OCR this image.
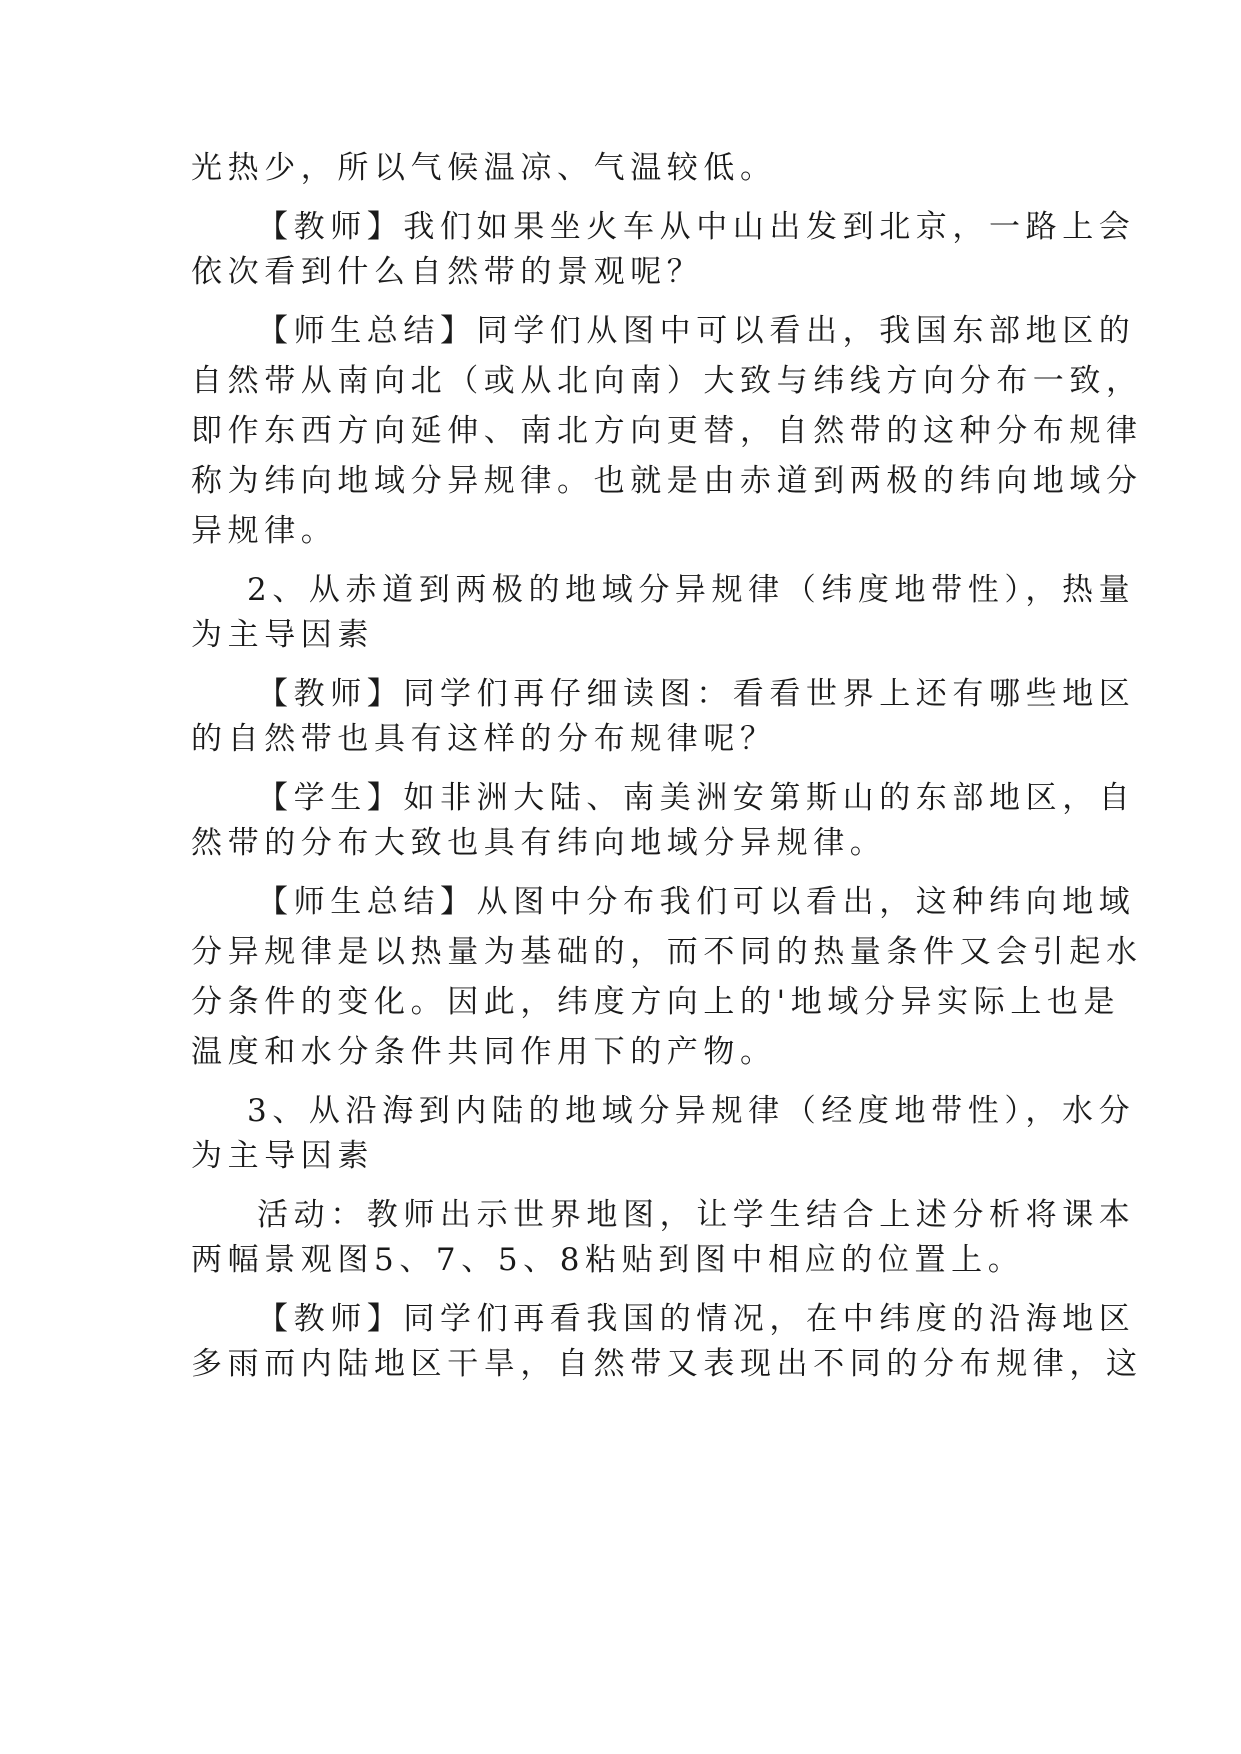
光热少，所以气候温凉、气温较低。
【教师】我们如果坐火车从中山出发到北京，一路上会
依次看到什么自然带的景观呢？
【师生总结】同学们从图中可以看出，我国东部地区的
自然带从南向北（或从北向南）大致与纬线方向分布一致，
即作东西方向延伸、南北方向更替，自然带的这种分布规律
称为纬向地域分异规律。也就是由赤道到两极的纬向地域分
异规律。
2、从赤道到两极的地域分异规律（纬度地带性），热量
为主导因素
【教师】同学们再仔细读图：看看世界上还有哪些地区
的自然带也具有这样的分布规律呢？
【学生】如非洲大陆、南美洲安第斯山的东部地区，自
然带的分布大致也具有纬向地域分异规律。
【师生总结】从图中分布我们可以看出，这种纬向地域
分异规律是以热量为基础的，而不同的热量条件又会引起水
分条件的变化。因此，纬度方向上的'地域分异实际上也是
温度和水分条件共同作用下的产物。
3、从沿海到内陆的地域分异规律（经度地带性），水分
为主导因素
活动：教师出示世界地图，让学生结合上述分析将课本
两幅景观图5、7、5、8粘贴到图中相应的位置上。
【教师】同学们再看我国的情况，在中纬度的沿海地区
多雨而内陆地区干旱，自然带又表现出不同的分布规律，这
